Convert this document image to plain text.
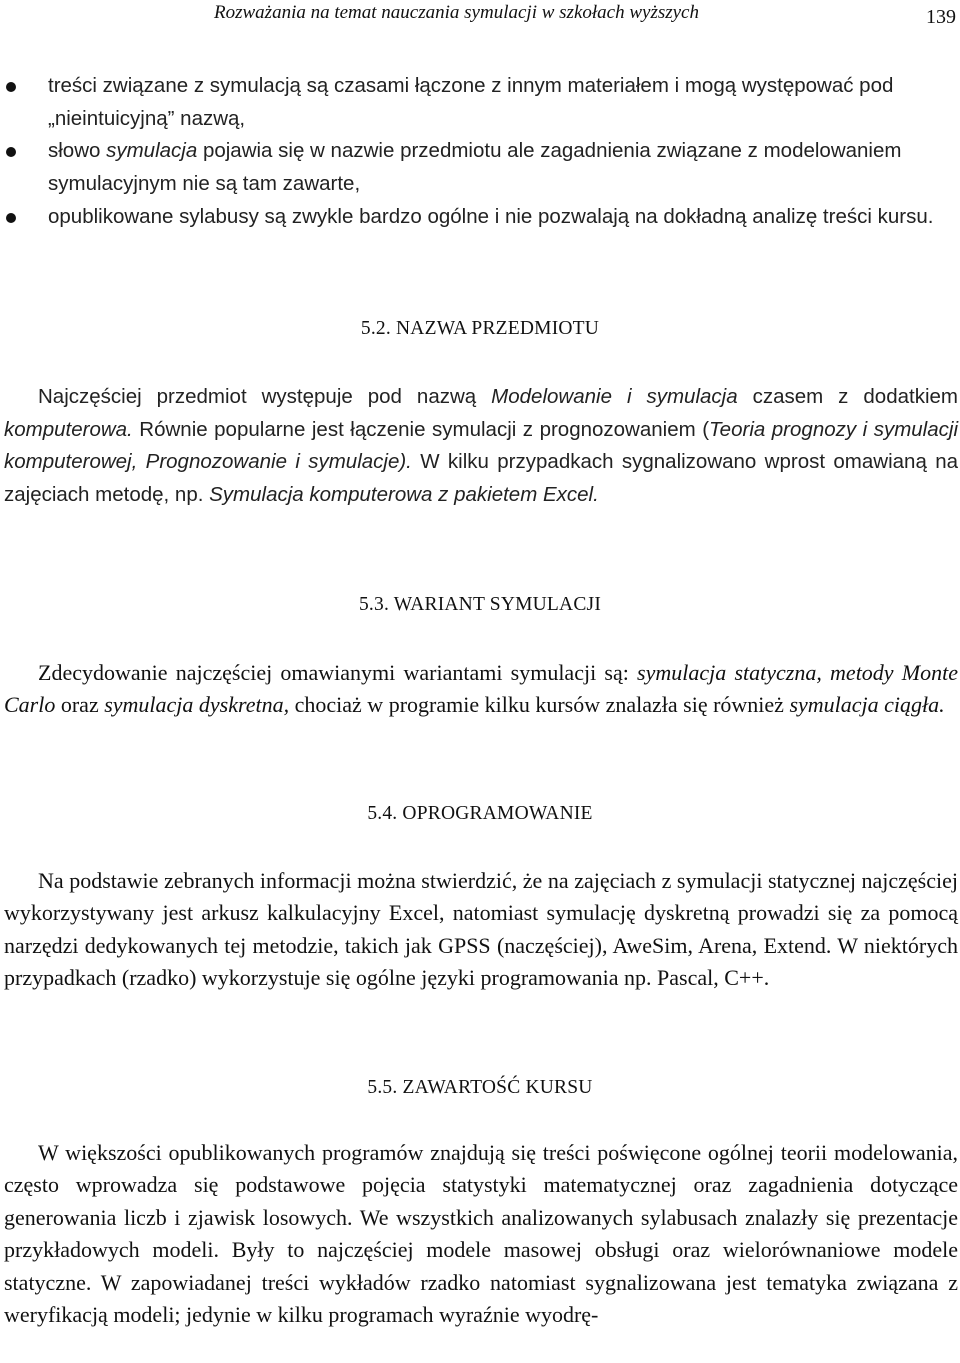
Rozważania na temat nauczania symulacji w szkołach wyższych	139
treści związane z symulacją są czasami łączone z innym materiałem i mogą występować pod „nieintuicyjną” nazwą,
słowo symulacja pojawia się w nazwie przedmiotu ale zagadnienia związane z modelowaniem symulacyjnym nie są tam zawarte,
opublikowane sylabusy są zwykle bardzo ogólne i nie pozwalają na dokładną analizę treści kursu.
5.2. NAZWA PRZEDMIOTU

Najczęściej przedmiot występuje pod nazwą Modelowanie i symulacja czasem z dodatkiem komputerowa. Równie popularne jest łączenie symulacji z prognozowaniem (Teoria prognozy i symulacji komputerowej, Prognozowanie i symulacje). W kilku przypadkach sygnalizowano wprost omawianą na zajęciach metodę, np. Symulacja komputerowa z pakietem Excel.

5.3. WARIANT SYMULACJI

Zdecydowanie najczęściej omawianymi wariantami symulacji są: symulacja statyczna, metody Monte Carlo oraz symulacja dyskretna, chociaż w programie kilku kursów znalazła się również symulacja ciągła.

5.4. OPROGRAMOWANIE

Na podstawie zebranych informacji można stwierdzić, że na zajęciach z symulacji statycznej najczęściej wykorzystywany jest arkusz kalkulacyjny Excel, natomiast symulację dyskretną prowadzi się za pomocą narzędzi dedykowanych tej metodzie, takich jak GPSS (naczęściej), AweSim, Arena, Extend. W niektórych przypadkach (rzadko) wykorzystuje się ogólne języki programowania np. Pascal, C++.

5.5. ZAWARTOŚĆ KURSU

W większości opublikowanych programów znajdują się treści poświęcone ogólnej teorii modelowania, często wprowadza się podstawowe pojęcia statystyki matematycznej oraz zagadnienia dotyczące generowania liczb i zjawisk losowych. We wszystkich analizowanych sylabusach znalazły się prezentacje przykładowych modeli. Były to najczęściej modele masowej obsługi oraz wielorównaniowe modele statyczne. W zapowiadanej treści wykładów rzadko natomiast sygnalizowana jest tematyka związana z weryfikacją modeli; jedynie w kilku programach wyraźnie wyodrę-
